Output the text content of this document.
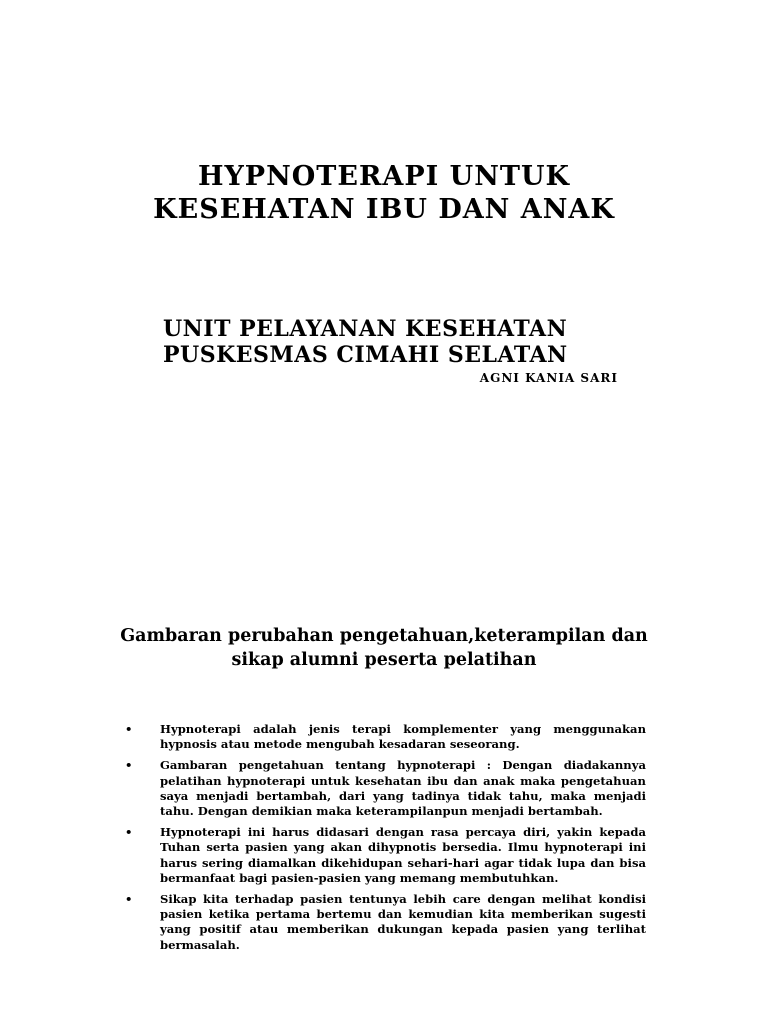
HYPNOTERAPI UNTUK
KESEHATAN IBU DAN ANAK
UNIT PELAYANAN KESEHATAN
PUSKESMAS CIMAHI SELATAN
AGNI KANIA SARI
Gambaran perubahan pengetahuan,keterampilan dan
sikap alumni peserta pelatihan
• Hypnoterapi adalah jenis terapi komplementer yang menggunakan hypnosis atau metode mengubah kesadaran seseorang.
• Gambaran pengetahuan tentang hypnoterapi : Dengan diadakannya pelatihan hypnoterapi untuk kesehatan ibu dan anak maka pengetahuan saya menjadi bertambah, dari yang tadinya tidak tahu, maka menjadi tahu. Dengan demikian maka keterampilanpun menjadi bertambah.
• Hypnoterapi ini harus didasari dengan rasa percaya diri, yakin kepada Tuhan serta pasien yang akan dihypnotis bersedia. Ilmu hypnoterapi ini harus sering diamalkan dikehidupan sehari-hari agar tidak lupa dan bisa bermanfaat bagi pasien-pasien yang memang membutuhkan.
• Sikap kita terhadap pasien tentunya lebih care dengan melihat kondisi pasien ketika pertama bertemu dan kemudian kita memberikan sugesti yang positif atau memberikan dukungan kepada pasien yang terlihat bermasalah.
